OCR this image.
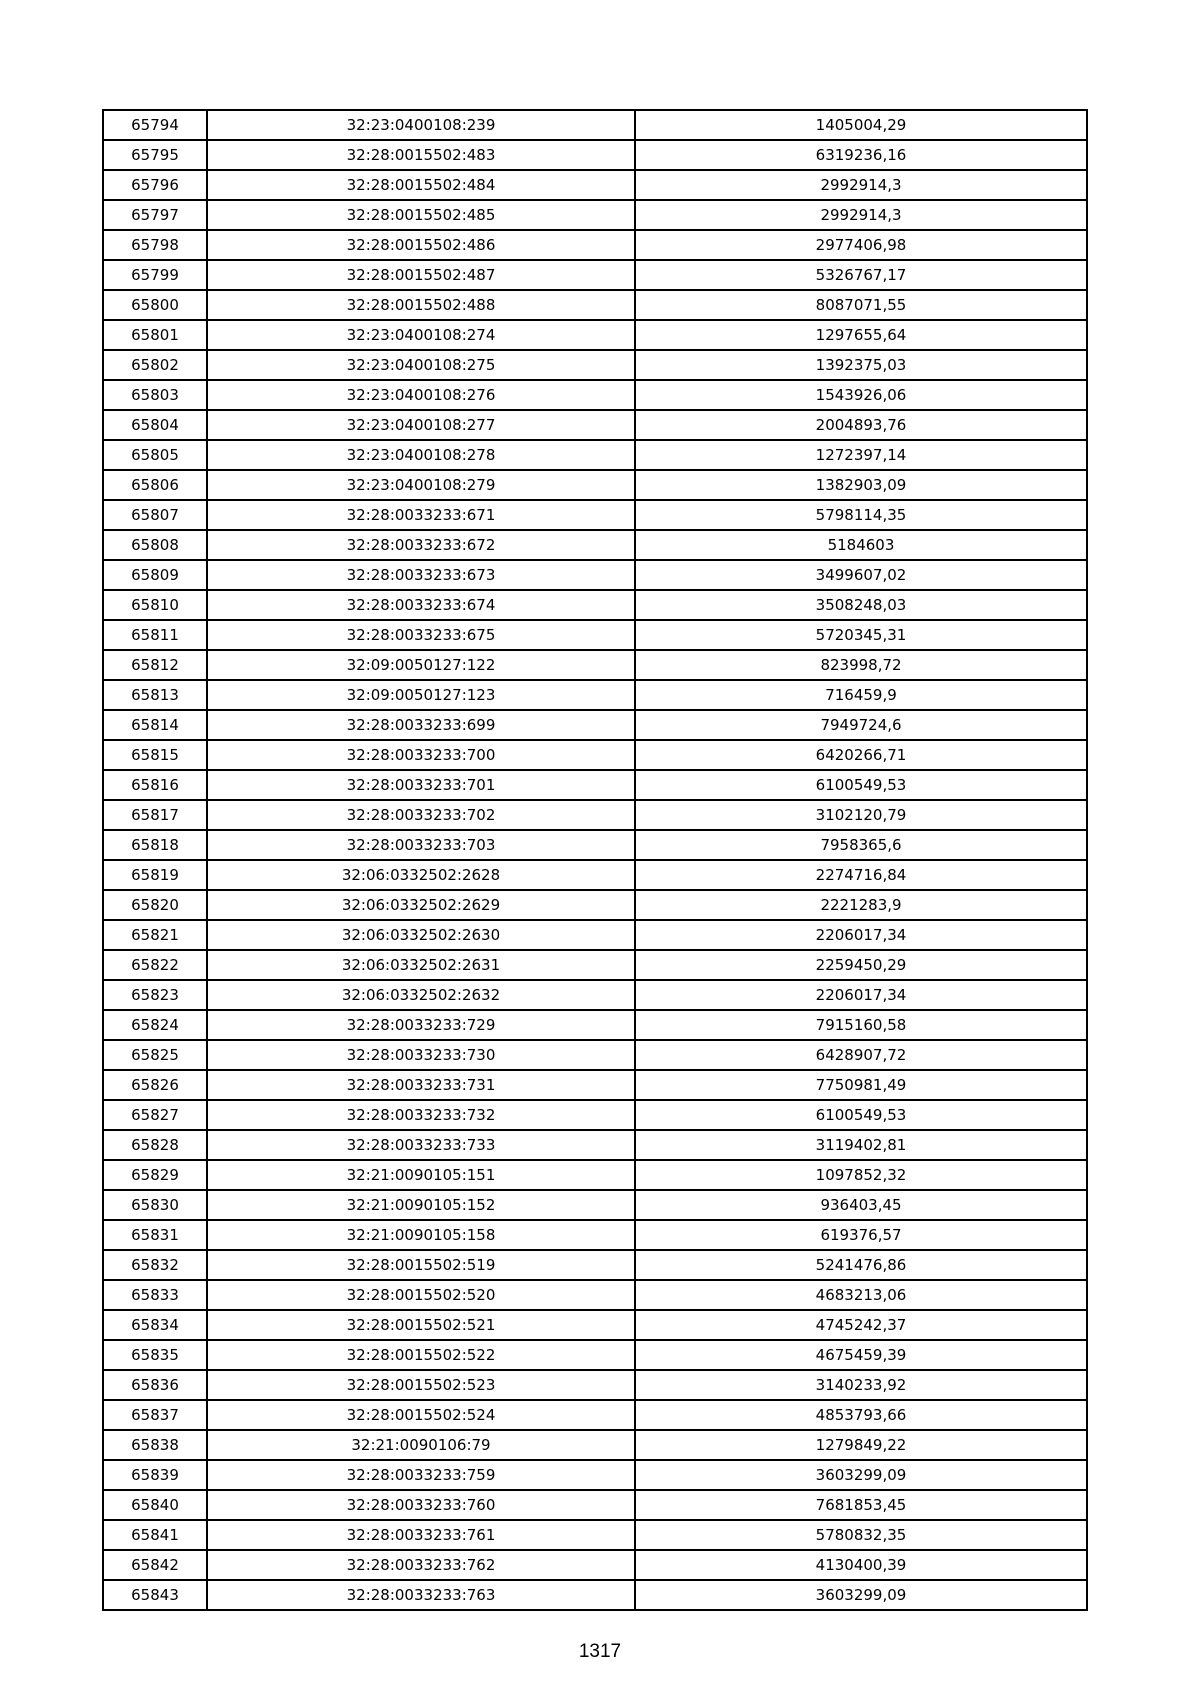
65794	32:23:0400108:239	1405004,29
65795	32:28:0015502:483	6319236,16
65796	32:28:0015502:484	2992914,3
65797	32:28:0015502:485	2992914,3
65798	32:28:0015502:486	2977406,98
65799	32:28:0015502:487	5326767,17
65800	32:28:0015502:488	8087071,55
65801	32:23:0400108:274	1297655,64
65802	32:23:0400108:275	1392375,03
65803	32:23:0400108:276	1543926,06
65804	32:23:0400108:277	2004893,76
65805	32:23:0400108:278	1272397,14
65806	32:23:0400108:279	1382903,09
65807	32:28:0033233:671	5798114,35
65808	32:28:0033233:672	5184603
65809	32:28:0033233:673	3499607,02
65810	32:28:0033233:674	3508248,03
65811	32:28:0033233:675	5720345,31
65812	32:09:0050127:122	823998,72
65813	32:09:0050127:123	716459,9
65814	32:28:0033233:699	7949724,6
65815	32:28:0033233:700	6420266,71
65816	32:28:0033233:701	6100549,53
65817	32:28:0033233:702	3102120,79
65818	32:28:0033233:703	7958365,6
65819	32:06:0332502:2628	2274716,84
65820	32:06:0332502:2629	2221283,9
65821	32:06:0332502:2630	2206017,34
65822	32:06:0332502:2631	2259450,29
65823	32:06:0332502:2632	2206017,34
65824	32:28:0033233:729	7915160,58
65825	32:28:0033233:730	6428907,72
65826	32:28:0033233:731	7750981,49
65827	32:28:0033233:732	6100549,53
65828	32:28:0033233:733	3119402,81
65829	32:21:0090105:151	1097852,32
65830	32:21:0090105:152	936403,45
65831	32:21:0090105:158	619376,57
65832	32:28:0015502:519	5241476,86
65833	32:28:0015502:520	4683213,06
65834	32:28:0015502:521	4745242,37
65835	32:28:0015502:522	4675459,39
65836	32:28:0015502:523	3140233,92
65837	32:28:0015502:524	4853793,66
65838	32:21:0090106:79	1279849,22
65839	32:28:0033233:759	3603299,09
65840	32:28:0033233:760	7681853,45
65841	32:28:0033233:761	5780832,35
65842	32:28:0033233:762	4130400,39
65843	32:28:0033233:763	3603299,09
1317
